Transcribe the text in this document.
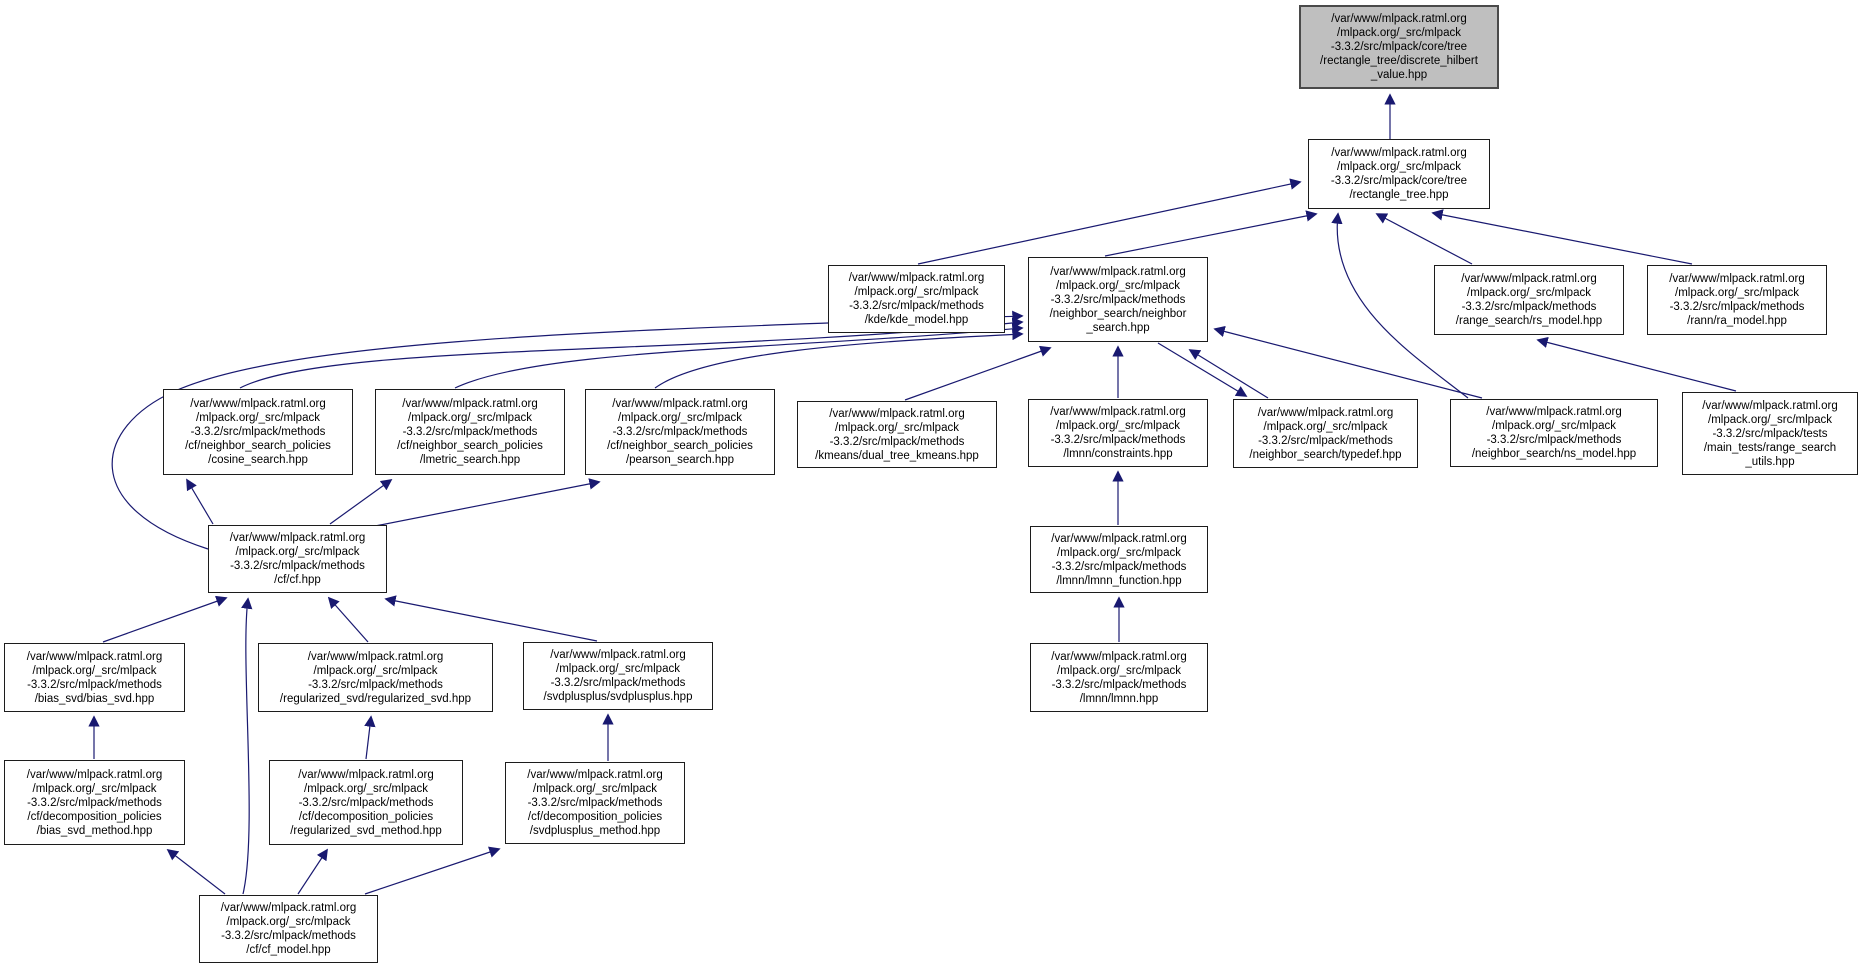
/var/www/mlpack.ratml.org
/mlpack.org/_src/mlpack
-3.3.2/src/mlpack/core/tree
/rectangle_tree/discrete_hilbert
_value.hpp
/var/www/mlpack.ratml.org
/mlpack.org/_src/mlpack
-3.3.2/src/mlpack/core/tree
/rectangle_tree.hpp
/var/www/mlpack.ratml.org
/mlpack.org/_src/mlpack
-3.3.2/src/mlpack/methods
/kde/kde_model.hpp
/var/www/mlpack.ratml.org
/mlpack.org/_src/mlpack
-3.3.2/src/mlpack/methods
/neighbor_search/neighbor
_search.hpp
/var/www/mlpack.ratml.org
/mlpack.org/_src/mlpack
-3.3.2/src/mlpack/methods
/range_search/rs_model.hpp
/var/www/mlpack.ratml.org
/mlpack.org/_src/mlpack
-3.3.2/src/mlpack/methods
/rann/ra_model.hpp
/var/www/mlpack.ratml.org
/mlpack.org/_src/mlpack
-3.3.2/src/mlpack/methods
/cf/neighbor_search_policies
/cosine_search.hpp
/var/www/mlpack.ratml.org
/mlpack.org/_src/mlpack
-3.3.2/src/mlpack/methods
/cf/neighbor_search_policies
/lmetric_search.hpp
/var/www/mlpack.ratml.org
/mlpack.org/_src/mlpack
-3.3.2/src/mlpack/methods
/cf/neighbor_search_policies
/pearson_search.hpp
/var/www/mlpack.ratml.org
/mlpack.org/_src/mlpack
-3.3.2/src/mlpack/methods
/kmeans/dual_tree_kmeans.hpp
/var/www/mlpack.ratml.org
/mlpack.org/_src/mlpack
-3.3.2/src/mlpack/methods
/lmnn/constraints.hpp
/var/www/mlpack.ratml.org
/mlpack.org/_src/mlpack
-3.3.2/src/mlpack/methods
/neighbor_search/typedef.hpp
/var/www/mlpack.ratml.org
/mlpack.org/_src/mlpack
-3.3.2/src/mlpack/methods
/neighbor_search/ns_model.hpp
/var/www/mlpack.ratml.org
/mlpack.org/_src/mlpack
-3.3.2/src/mlpack/tests
/main_tests/range_search
_utils.hpp
/var/www/mlpack.ratml.org
/mlpack.org/_src/mlpack
-3.3.2/src/mlpack/methods
/cf/cf.hpp
/var/www/mlpack.ratml.org
/mlpack.org/_src/mlpack
-3.3.2/src/mlpack/methods
/lmnn/lmnn_function.hpp
/var/www/mlpack.ratml.org
/mlpack.org/_src/mlpack
-3.3.2/src/mlpack/methods
/bias_svd/bias_svd.hpp
/var/www/mlpack.ratml.org
/mlpack.org/_src/mlpack
-3.3.2/src/mlpack/methods
/regularized_svd/regularized_svd.hpp
/var/www/mlpack.ratml.org
/mlpack.org/_src/mlpack
-3.3.2/src/mlpack/methods
/svdplusplus/svdplusplus.hpp
/var/www/mlpack.ratml.org
/mlpack.org/_src/mlpack
-3.3.2/src/mlpack/methods
/lmnn/lmnn.hpp
/var/www/mlpack.ratml.org
/mlpack.org/_src/mlpack
-3.3.2/src/mlpack/methods
/cf/decomposition_policies
/bias_svd_method.hpp
/var/www/mlpack.ratml.org
/mlpack.org/_src/mlpack
-3.3.2/src/mlpack/methods
/cf/decomposition_policies
/regularized_svd_method.hpp
/var/www/mlpack.ratml.org
/mlpack.org/_src/mlpack
-3.3.2/src/mlpack/methods
/cf/decomposition_policies
/svdplusplus_method.hpp
/var/www/mlpack.ratml.org
/mlpack.org/_src/mlpack
-3.3.2/src/mlpack/methods
/cf/cf_model.hpp
